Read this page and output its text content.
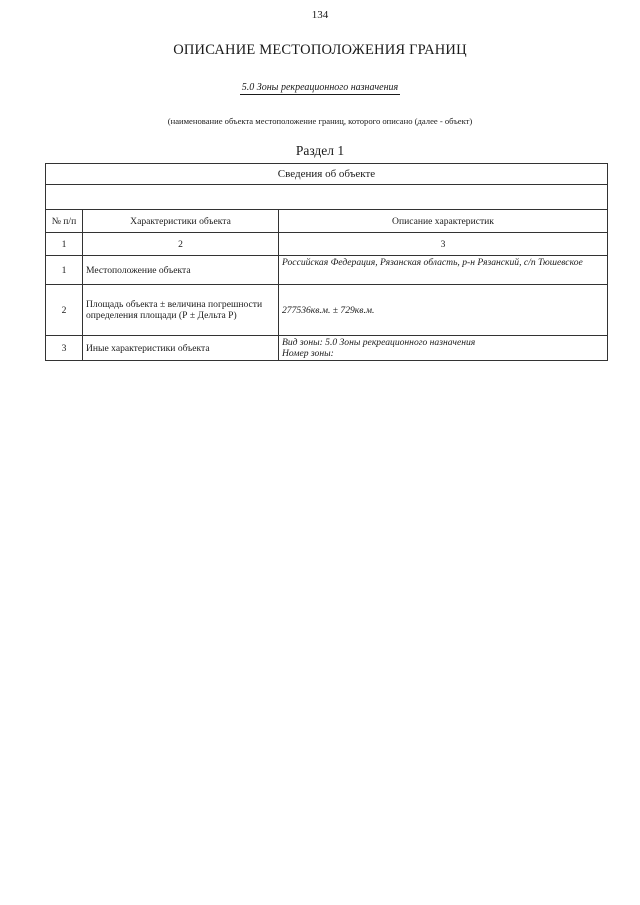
134
ОПИСАНИЕ МЕСТОПОЛОЖЕНИЯ ГРАНИЦ
5.0 Зоны рекреационного назначения
(наименование объекта местоположение границ, которого описано (далее - объект)
Раздел 1
Сведения об объекте		

№ п/п	Характеристики объекта	Описание характеристик
1	2	3
1	Местоположение объекта	Российская Федерация, Рязанская область, р-н Рязанский, с/п Тюшевское
2	Площадь объекта ± величина погрешности определения площади (Р ± Дельта Р)	277536кв.м. ± 729кв.м.
3	Иные характеристики объекта	Вид зоны: 5.0 Зоны рекреационного назначения
Номер зоны:
